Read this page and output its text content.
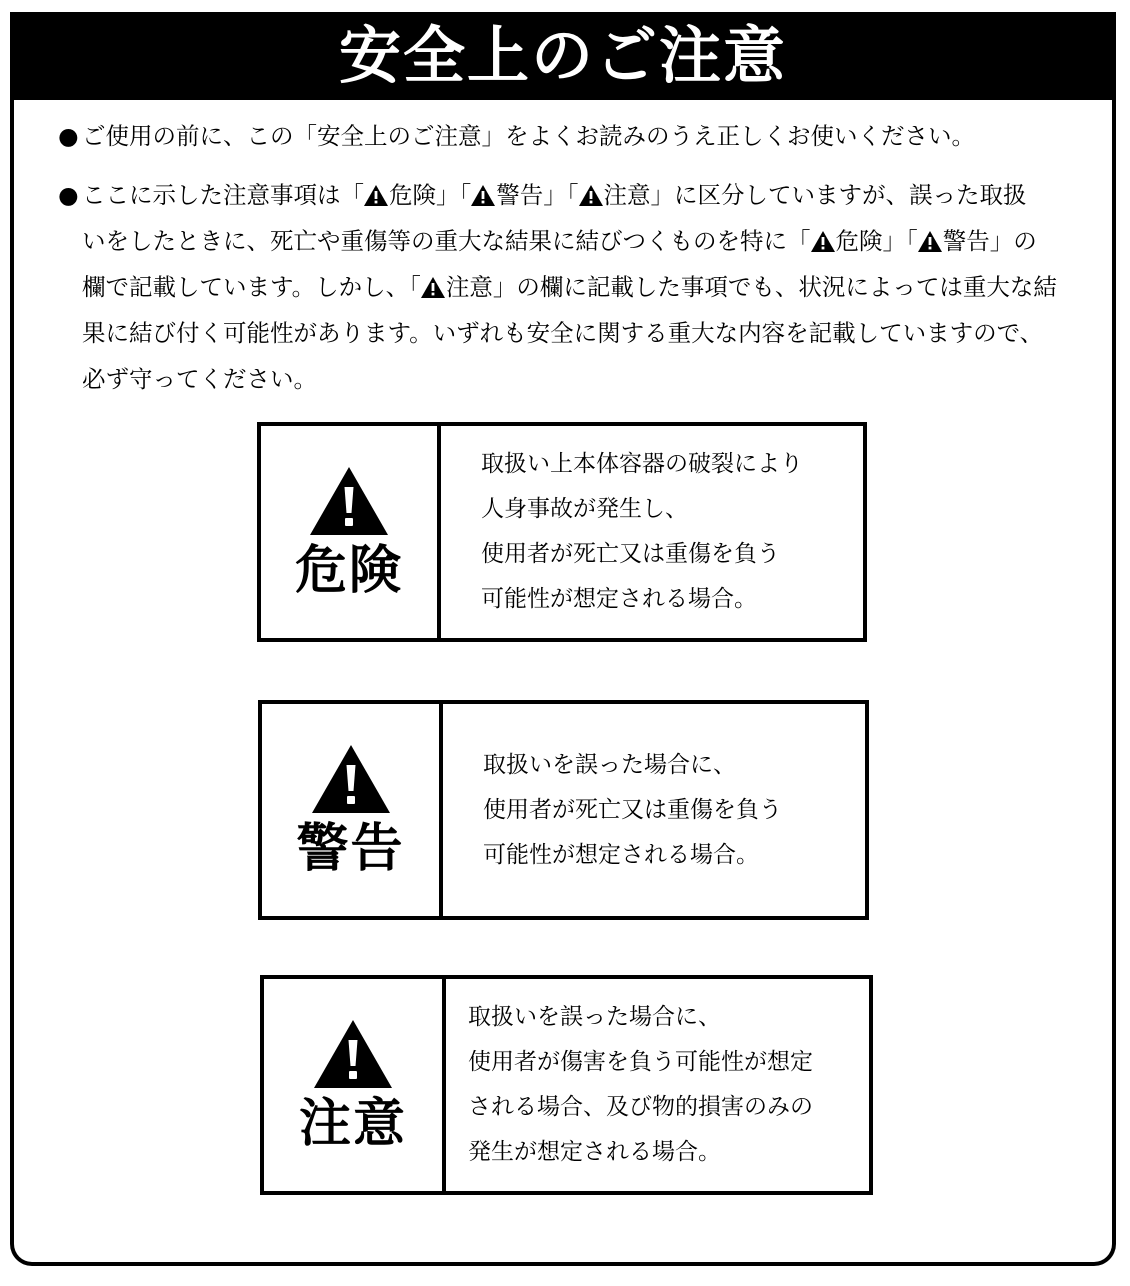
安全上のご注意
● ご使用の前に、この「安全上のご注意」をよくお読みのうえ正しくお使いください。
● ここに示した注意事項は「 危険」「 警告」「 注意」に区分していますが、誤った取扱
いをしたときに、死亡や重傷等の重大な結果に結びつくものを特に「 危険」「 警告」の
欄で記載しています。しかし、「 注意」の欄に記載した事項でも、状況によっては重大な結
果に結び付く可能性があります。いずれも安全に関する重大な内容を記載していますので、
必ず守ってください。
危険
取扱い上本体容器の破裂により
人身事故が発生し、
使用者が死亡又は重傷を負う
可能性が想定される場合。
警告
取扱いを誤った場合に、
使用者が死亡又は重傷を負う
可能性が想定される場合。
注意
取扱いを誤った場合に、
使用者が傷害を負う可能性が想定
される場合、及び物的損害のみの
発生が想定される場合。
